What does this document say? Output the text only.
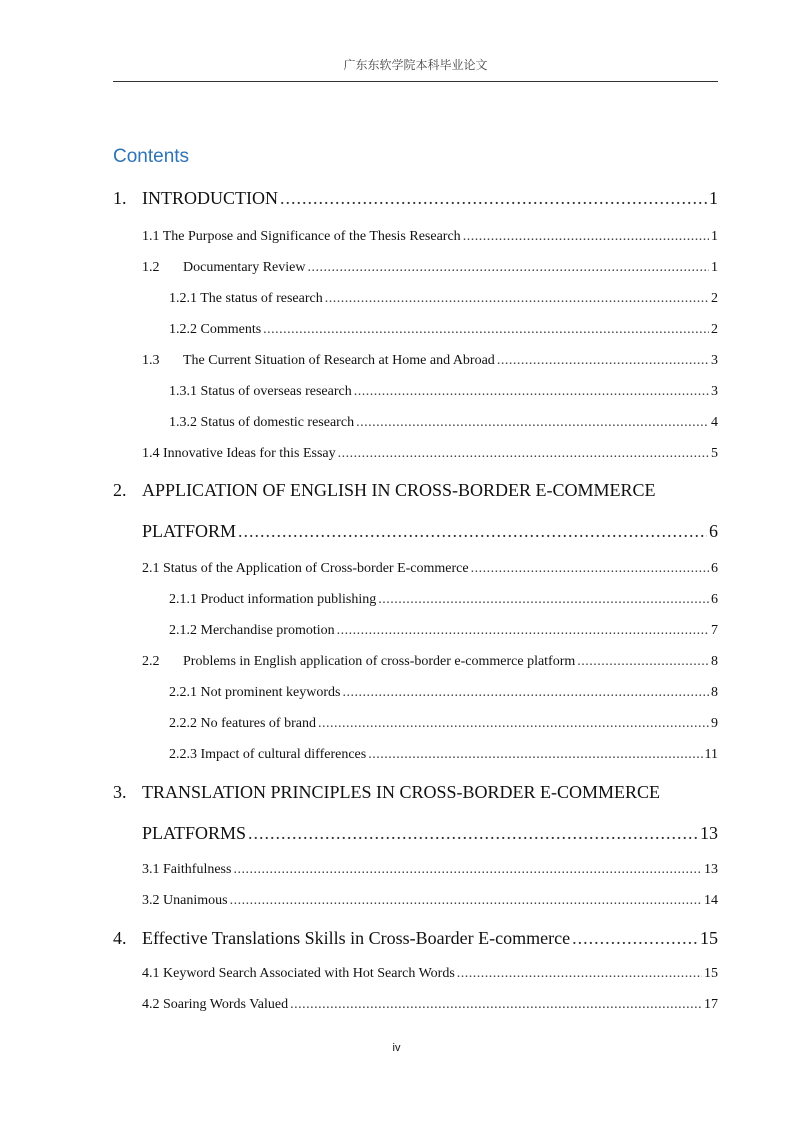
广东东软学院本科毕业论文
Contents
1. INTRODUCTION .....	1
1.1 The Purpose and Significance of the Thesis Research .....	1
1.2 Documentary Review .....	1
1.2.1 The status of research .....	2
1.2.2 Comments .....	2
1.3 The Current Situation of Research at Home and Abroad .....	3
1.3.1 Status of overseas research .....	3
1.3.2 Status of domestic research .....	4
1.4 Innovative Ideas for this Essay .....	5
2. APPLICATION OF ENGLISH IN CROSS-BORDER E-COMMERCE
PLATFORM .....	6
2.1 Status of the Application of Cross-border E-commerce .....	6
2.1.1 Product information publishing .....	6
2.1.2 Merchandise promotion .....	7
2.2 Problems in English application of cross-border e-commerce platform .....	8
2.2.1 Not prominent keywords .....	8
2.2.2 No features of brand .....	9
2.2.3 Impact of cultural differences .....	11
3. TRANSLATION PRINCIPLES IN CROSS-BORDER E-COMMERCE
PLATFORMS .....	13
3.1 Faithfulness .....	13
3.2 Unanimous .....	14
4. Effective Translations Skills in Cross-Boarder E-commerce .....	15
4.1 Keyword Search Associated with Hot Search Words .....	15
4.2 Soaring Words Valued .....	17
iv
